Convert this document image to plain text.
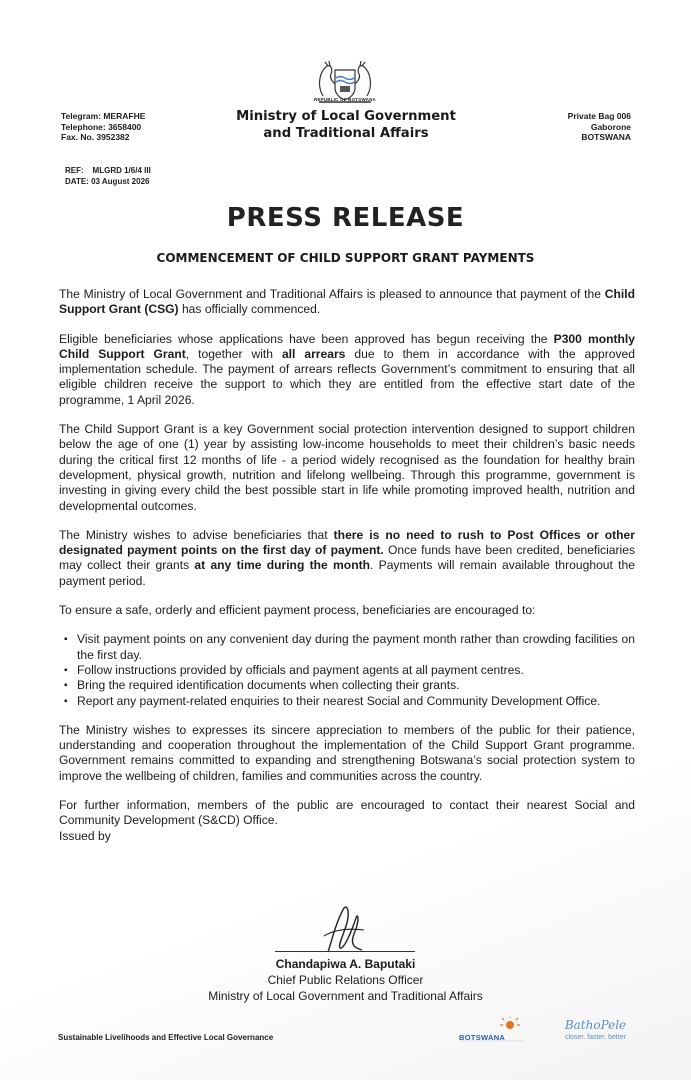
REPUBLIC OF BOTSWANA
Telegram: MERAFHE
Telephone: 3658400
Fax. No. 3952382
Ministry of Local Government
and Traditional Affairs
Private Bag 006
Gaborone
BOTSWANA
REF:    MLGRD 1/6/4 III
DATE: 03 August 2026
PRESS RELEASE
COMMENCEMENT OF CHILD SUPPORT GRANT PAYMENTS

The Ministry of Local Government and Traditional Affairs is pleased to announce that payment of the Child Support Grant (CSG) has officially commenced.

Eligible beneficiaries whose applications have been approved has begun receiving the P300 monthly Child Support Grant, together with all arrears due to them in accordance with the approved implementation schedule. The payment of arrears reflects Government’s commitment to ensuring that all eligible children receive the support to which they are entitled from the effective start date of the programme, 1 April 2026.

The Child Support Grant is a key Government social protection intervention designed to support children below the age of one (1) year by assisting low-income households to meet their children’s basic needs during the critical first 12 months of life - a period widely recognised as the foundation for healthy brain development, physical growth, nutrition and lifelong wellbeing. Through this programme, government is investing in giving every child the best possible start in life while promoting improved health, nutrition and developmental outcomes.

The Ministry wishes to advise beneficiaries that there is no need to rush to Post Offices or other designated payment points on the first day of payment. Once funds have been credited, beneficiaries may collect their grants at any time during the month. Payments will remain available throughout the payment period.

To ensure a safe, orderly and efficient payment process, beneficiaries are encouraged to:

▪ Visit payment points on any convenient day during the payment month rather than crowding facilities on the first day.
▪ Follow instructions provided by officials and payment agents at all payment centres.
▪ Bring the required identification documents when collecting their grants.
▪ Report any payment-related enquiries to their nearest Social and Community Development Office.

The Ministry wishes to expresses its sincere appreciation to members of the public for their patience, understanding and cooperation throughout the implementation of the Child Support Grant programme. Government remains committed to expanding and strengthening Botswana’s social protection system to improve the wellbeing of children, families and communities across the country.

For further information, members of the public are encouraged to contact their nearest Social and Community Development (S&CD) Office.

Issued by

Chandapiwa A. Baputaki
Chief Public Relations Officer
Ministry of Local Government and Traditional Affairs
Sustainable Livelihoods and Effective Local Governance	BOTSWANA
BathoPele
closer. faster. better
